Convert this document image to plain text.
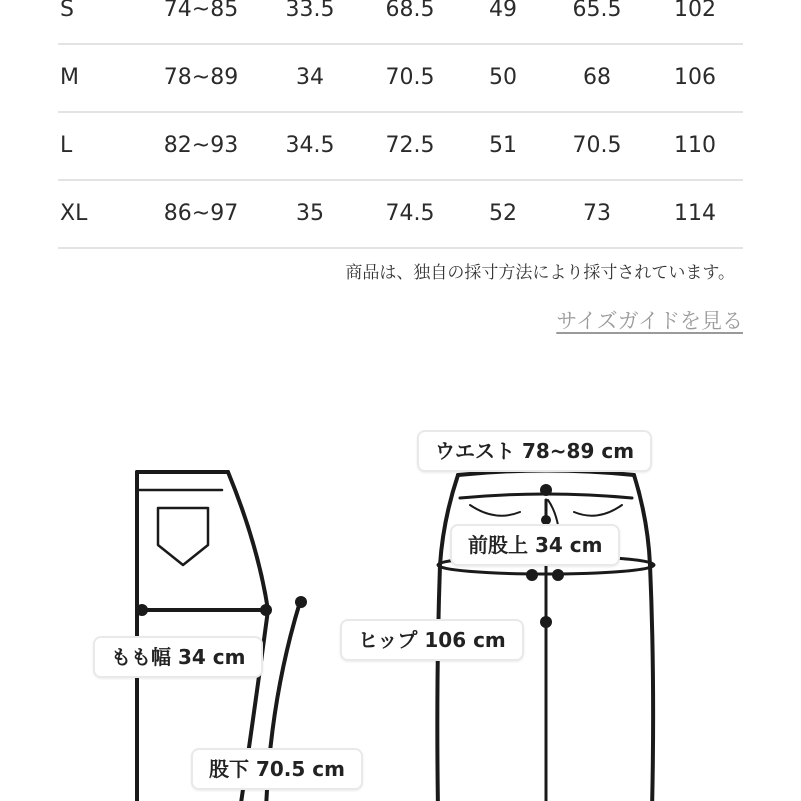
S	74~85	33.5	68.5	49	65.5	102
M	78~89	34	70.5	50	68	106
L	82~93	34.5	72.5	51	70.5	110
XL	86~97	35	74.5	52	73	114
商品は、独自の採寸方法により採寸されています。
サイズガイドを見る
ウエスト 78~89 cm
前股上 34 cm
ヒップ 106 cm
もも幅 34 cm
股下 70.5 cm
